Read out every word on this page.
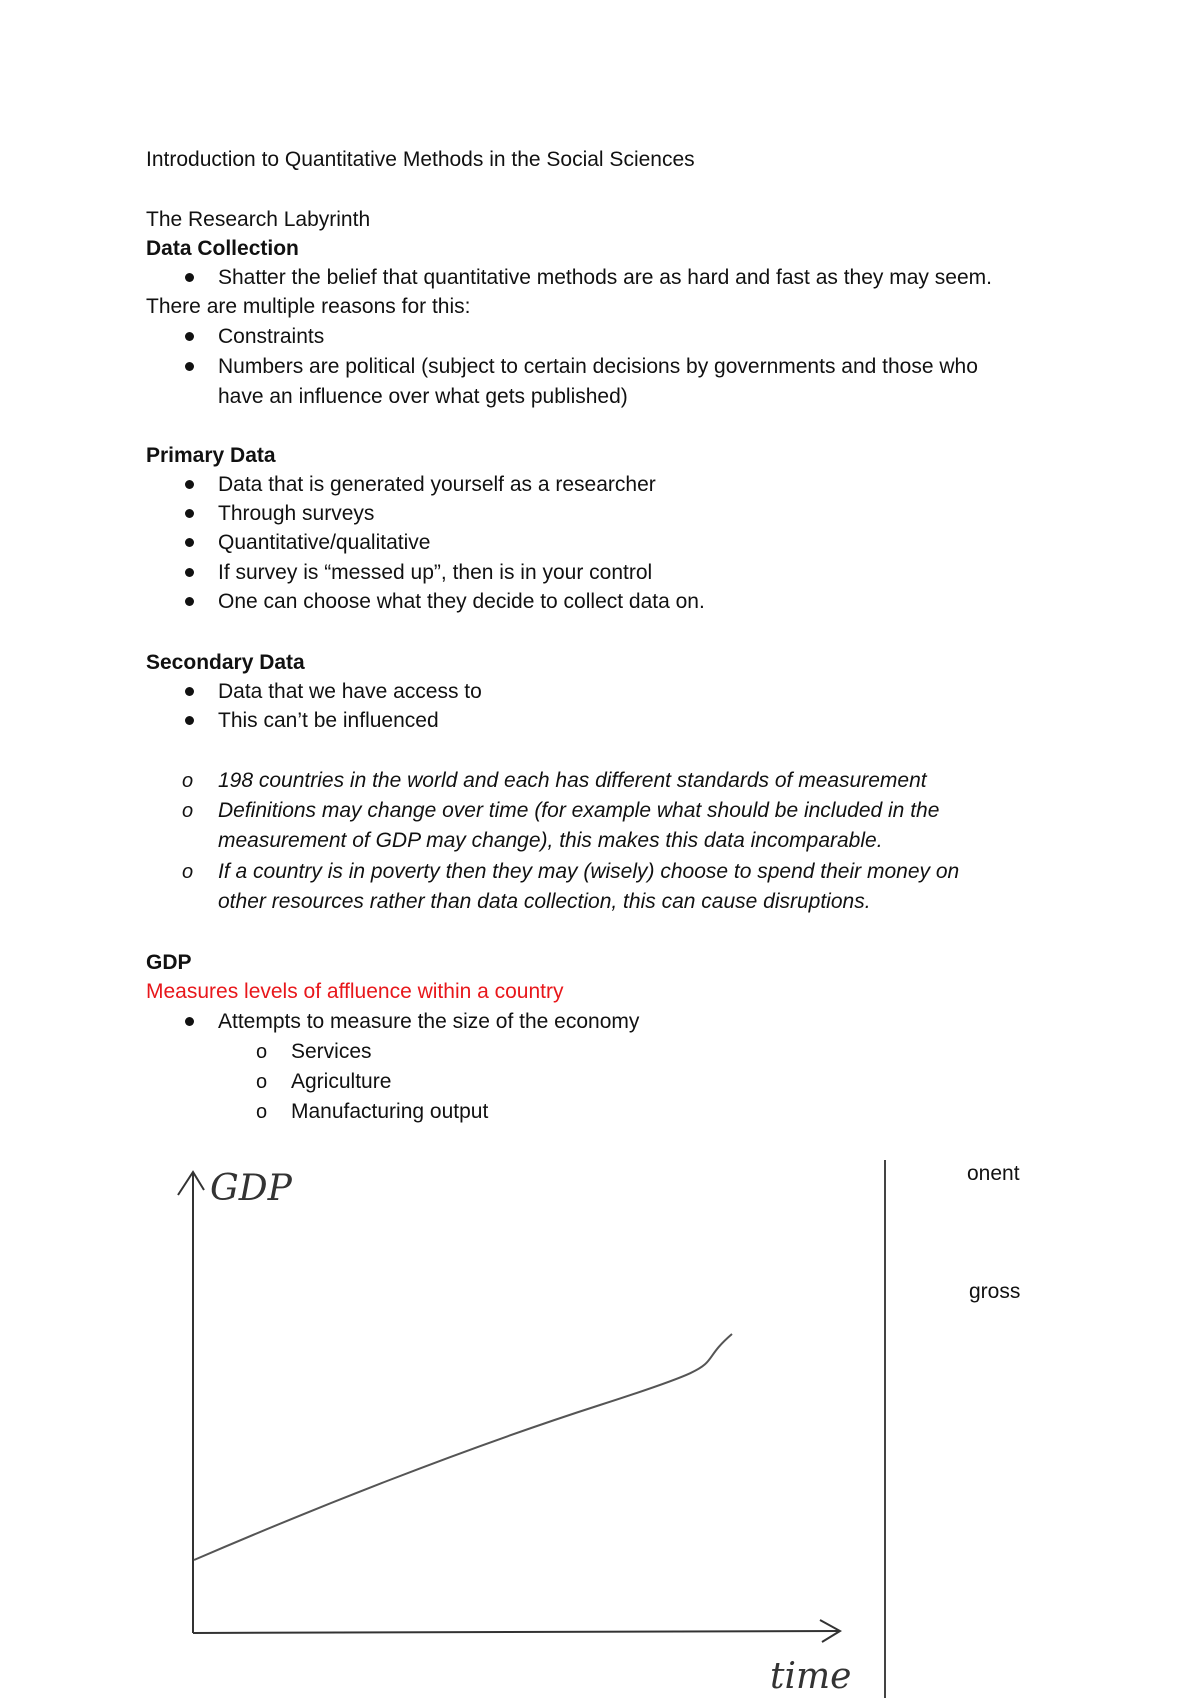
Introduction to Quantitative Methods in the Social Sciences
The Research Labyrinth
Data Collection
Shatter the belief that quantitative methods are as hard and fast as they may seem.
There are multiple reasons for this:
Constraints
Numbers are political (subject to certain decisions by governments and those who
have an influence over what gets published)
Primary Data
Data that is generated yourself as a researcher
Through surveys
Quantitative/qualitative
If survey is “messed up”, then is in your control
One can choose what they decide to collect data on.
Secondary Data
Data that we have access to
This can’t be influenced
o 198 countries in the world and each has different standards of measurement
o Definitions may change over time (for example what should be included in the
measurement of GDP may change), this makes this data incomparable.
o If a country is in poverty then they may (wisely) choose to spend their money on
other resources rather than data collection, this can cause disruptions.
GDP
Measures levels of affluence within a country
Attempts to measure the size of the economy
o Services
o Agriculture
o Manufacturing output
GDP
time
onent
gross
